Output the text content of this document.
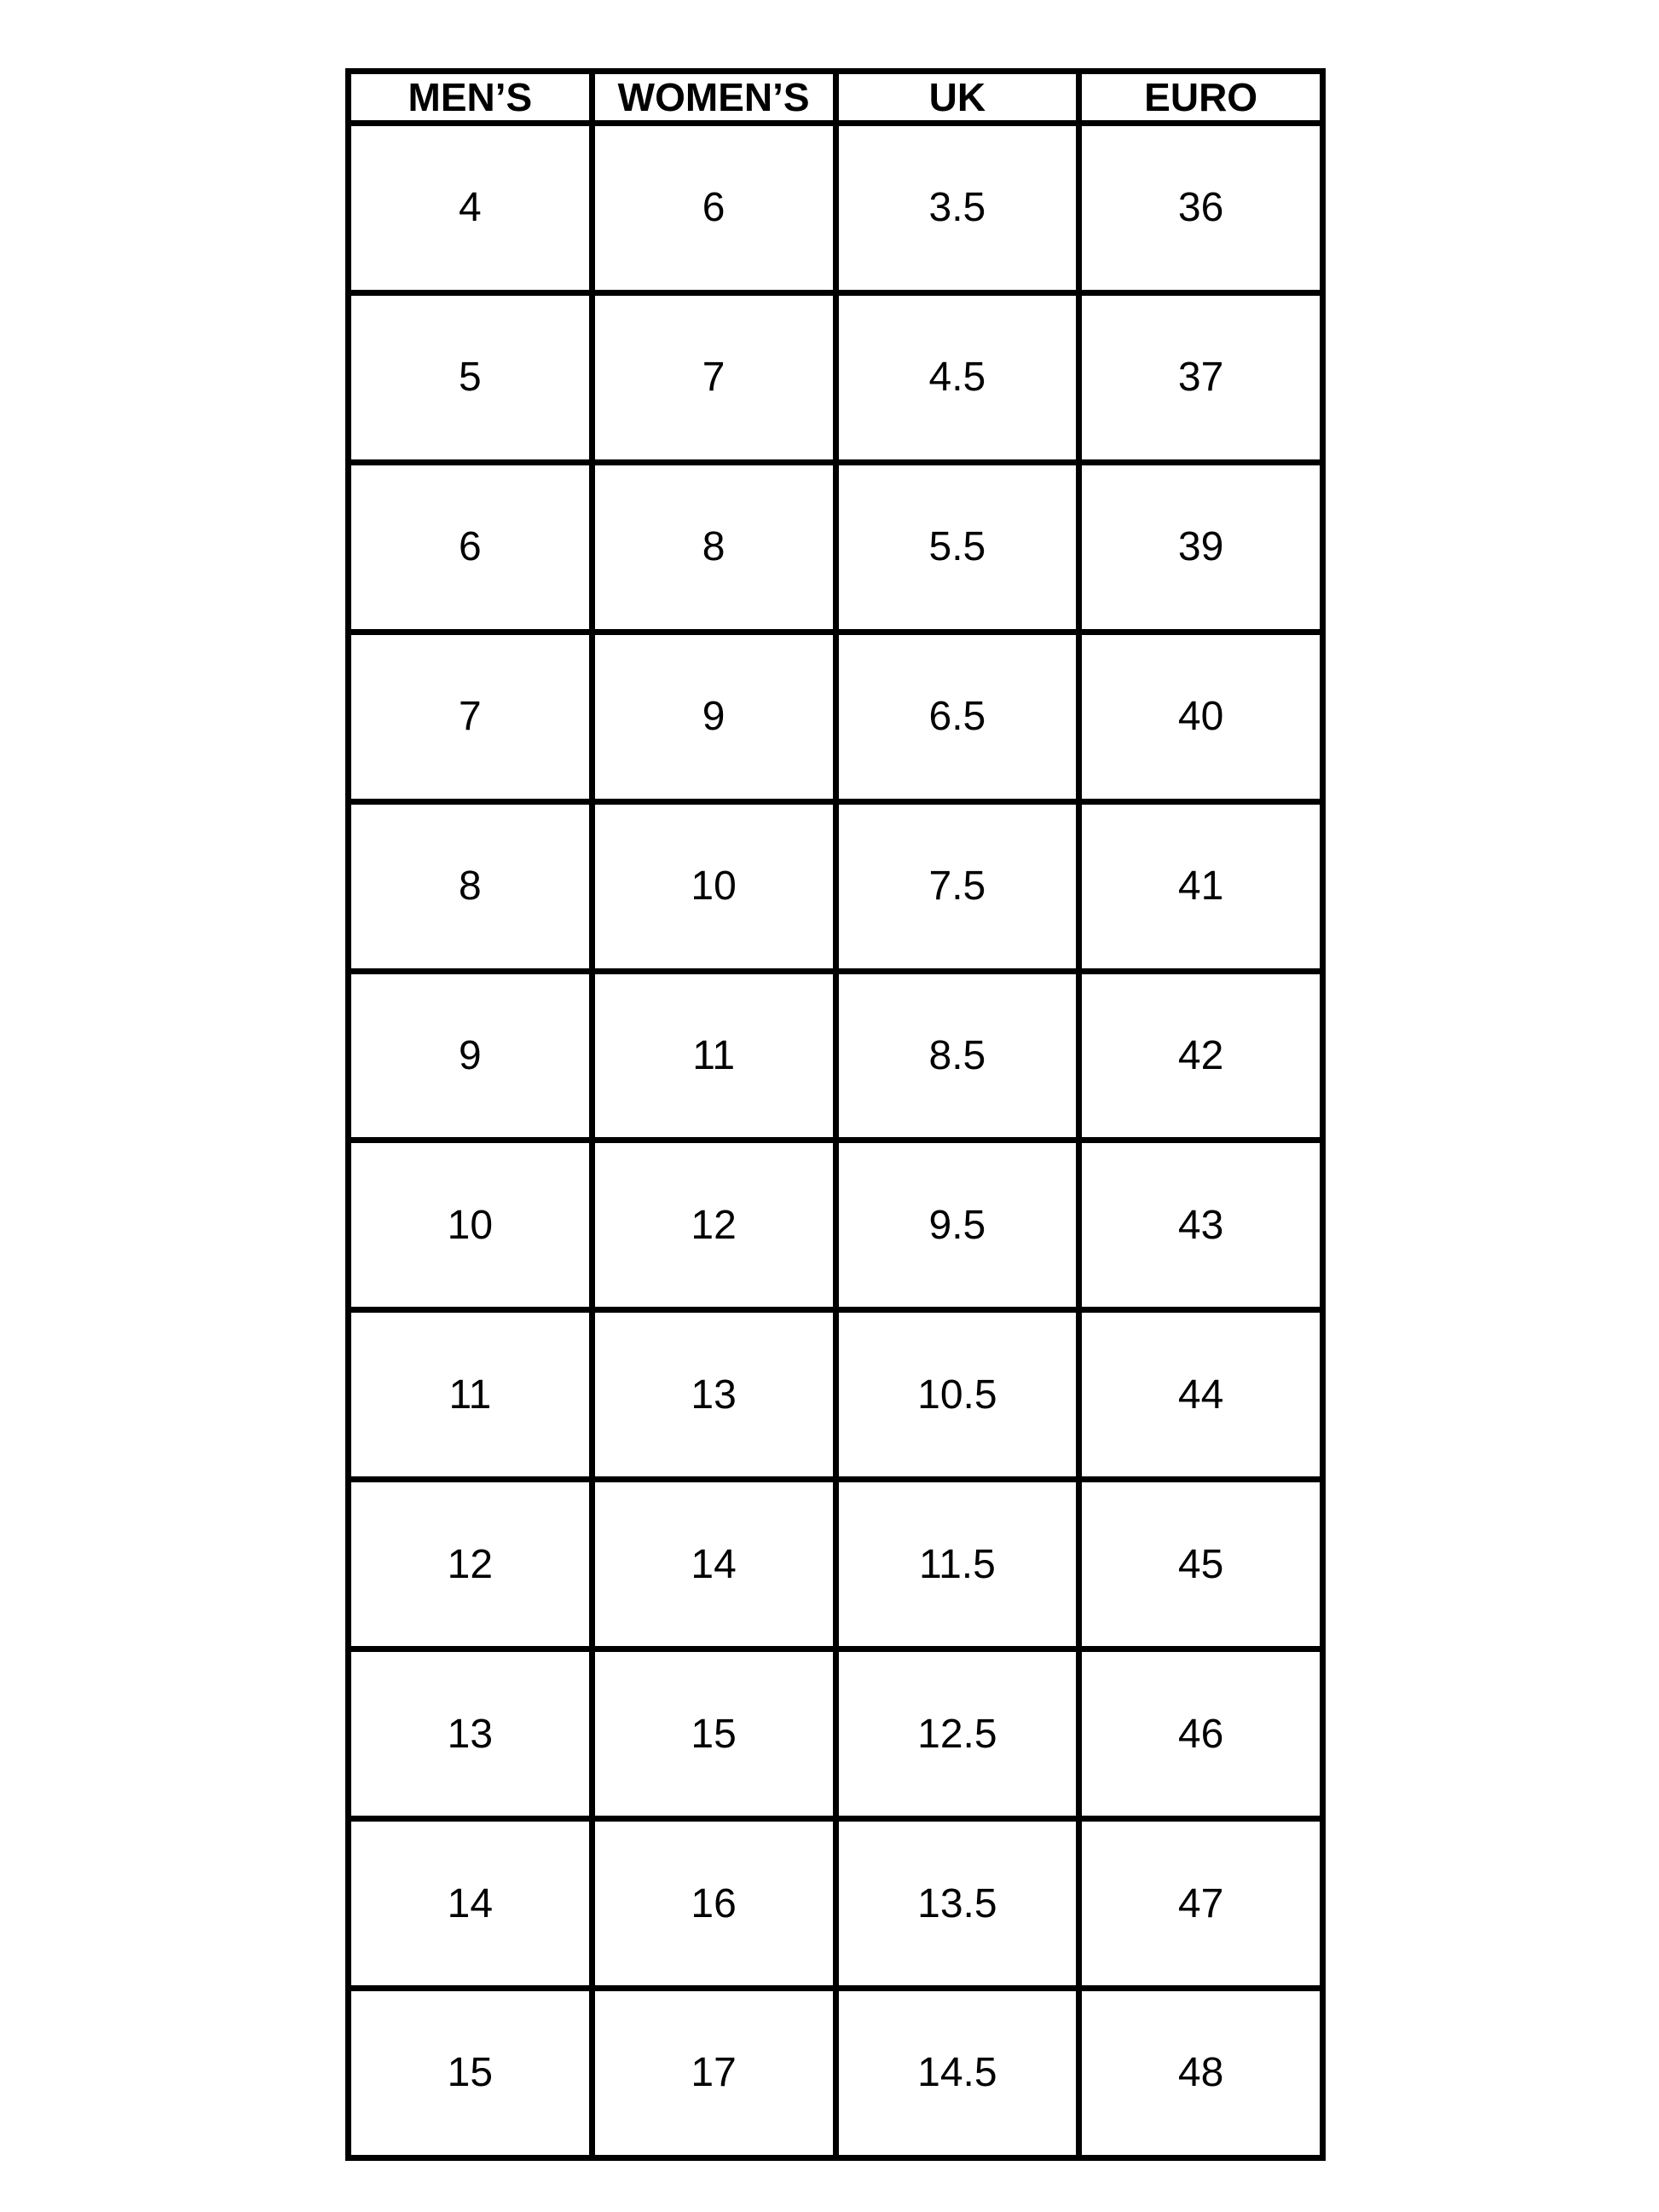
MEN’S	WOMEN’S	UK	EURO
4	6	3.5	36
5	7	4.5	37
6	8	5.5	39
7	9	6.5	40
8	10	7.5	41
9	11	8.5	42
10	12	9.5	43
11	13	10.5	44
12	14	11.5	45
13	15	12.5	46
14	16	13.5	47
15	17	14.5	48
